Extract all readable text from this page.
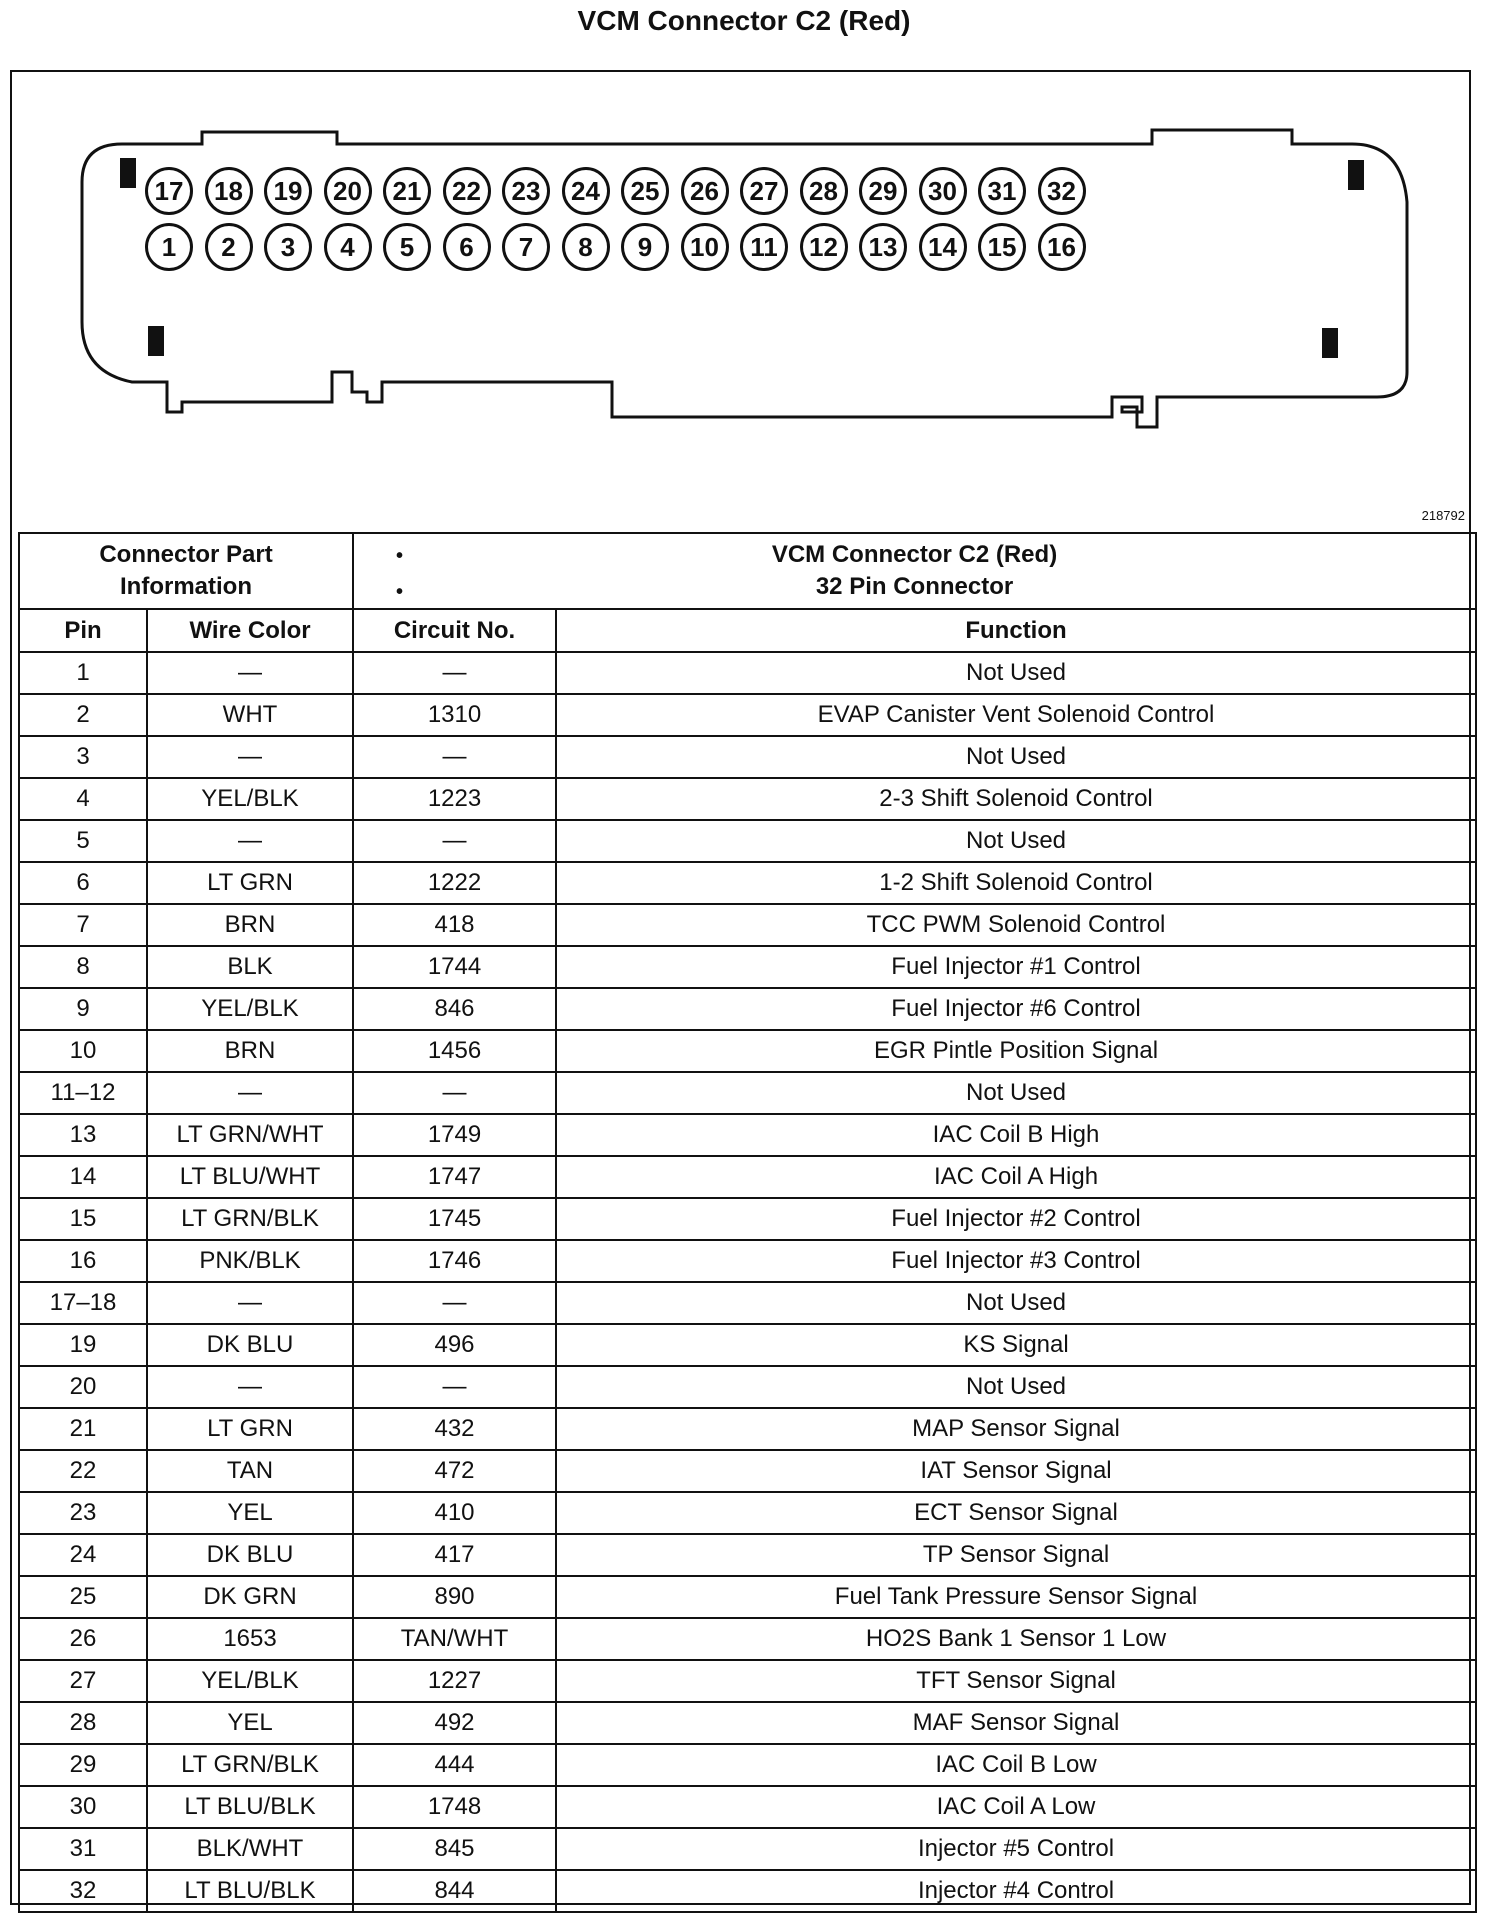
VCM Connector C2 (Red)
17	18	19	20	21	22	23	24	25	26	27	28	29	30	31	32
1	2	3	4	5	6	7	8	9	10	11	12	13	14	15	16
218792
Connector Part Information		•
•
VCM Connector C2 (Red)
32 Pin Connector	

Pin	Wire Color	Circuit No.	Function
1	—	—	Not Used
2	WHT	1310	EVAP Canister Vent Solenoid Control
3	—	—	Not Used
4	YEL/BLK	1223	2-3 Shift Solenoid Control
5	—	—	Not Used
6	LT GRN	1222	1-2 Shift Solenoid Control
7	BRN	418	TCC PWM Solenoid Control
8	BLK	1744	Fuel Injector #1 Control
9	YEL/BLK	846	Fuel Injector #6 Control
10	BRN	1456	EGR Pintle Position Signal
11–12	—	—	Not Used
13	LT GRN/WHT	1749	IAC Coil B High
14	LT BLU/WHT	1747	IAC Coil A High
15	LT GRN/BLK	1745	Fuel Injector #2 Control
16	PNK/BLK	1746	Fuel Injector #3 Control
17–18	—	—	Not Used
19	DK BLU	496	KS Signal
20	—	—	Not Used
21	LT GRN	432	MAP Sensor Signal
22	TAN	472	IAT Sensor Signal
23	YEL	410	ECT Sensor Signal
24	DK BLU	417	TP Sensor Signal
25	DK GRN	890	Fuel Tank Pressure Sensor Signal
26	1653	TAN/WHT	HO2S Bank 1 Sensor 1 Low
27	YEL/BLK	1227	TFT Sensor Signal
28	YEL	492	MAF Sensor Signal
29	LT GRN/BLK	444	IAC Coil B Low
30	LT BLU/BLK	1748	IAC Coil A Low
31	BLK/WHT	845	Injector #5 Control
32	LT BLU/BLK	844	Injector #4 Control
